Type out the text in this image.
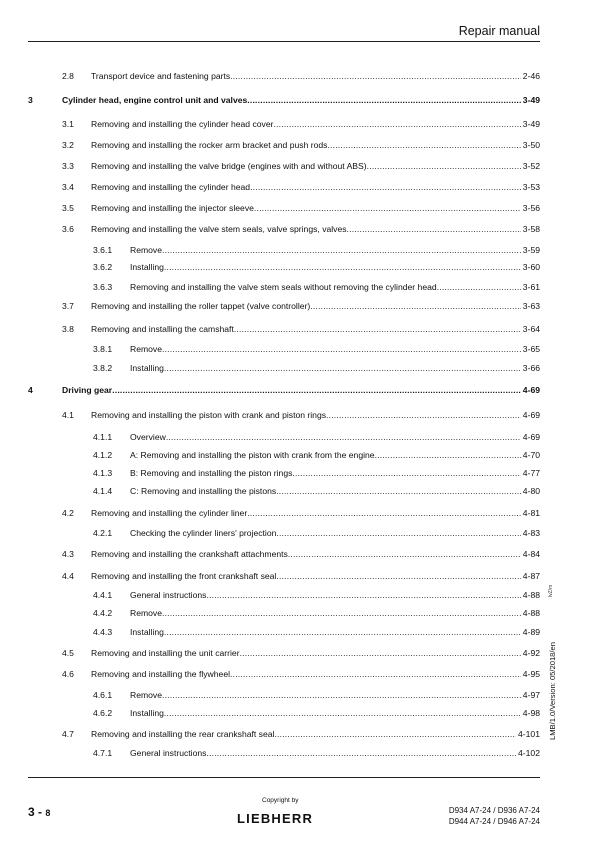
Repair manual
2.8 Transport device and fastening parts .....	2-46
3	Cylinder head, engine control unit and valves .....	3-49
3.1 Removing and installing the cylinder head cover .....	3-49
3.2 Removing and installing the rocker arm bracket and push rods .....	3-50
3.3 Removing and installing the valve bridge (engines with and without ABS) .....	3-52
3.4 Removing and installing the cylinder head .....	3-53
3.5 Removing and installing the injector sleeve .....	3-56
3.6 Removing and installing the valve stem seals, valve springs, valves .....	3-58
3.6.1 Remove .....	3-59
3.6.2 Installing .....	3-60
3.6.3 Removing and installing the valve stem seals without removing the cylinder head .....	3-61
3.7 Removing and installing the roller tappet (valve controller) .....	3-63
3.8 Removing and installing the camshaft .....	3-64
3.8.1 Remove .....	3-65
3.8.2 Installing .....	3-66
4	Driving gear .....	4-69
4.1 Removing and installing the piston with crank and piston rings .....	4-69
4.1.1 Overview .....	4-69
4.1.2 A: Removing and installing the piston with crank from the engine .....	4-70
4.1.3 B: Removing and installing the piston rings .....	4-77
4.1.4 C: Removing and installing the pistons .....	4-80
4.2 Removing and installing the cylinder liner .....	4-81
4.2.1 Checking the cylinder liners' projection .....	4-83
4.3 Removing and installing the crankshaft attachments .....	4-84
4.4 Removing and installing the front crankshaft seal .....	4-87
4.4.1 General instructions .....	4-88
4.4.2 Remove .....	4-88
4.4.3 Installing .....	4-89
4.5 Removing and installing the unit carrier .....	4-92
4.6 Removing and installing the flywheel .....	4-95
4.6.1 Remove .....	4-97
4.6.2 Installing .....	4-98
4.7 Removing and installing the rear crankshaft seal .....	4-101
4.7.1 General instructions .....	4-102
3 - 8
Copyright by
LIEBHERR
D934 A7-24 / D936 A7-24
D944 A7-24 / D946 A7-24
LMB/1.0/Version: 05/2018/en
lvZ/m
